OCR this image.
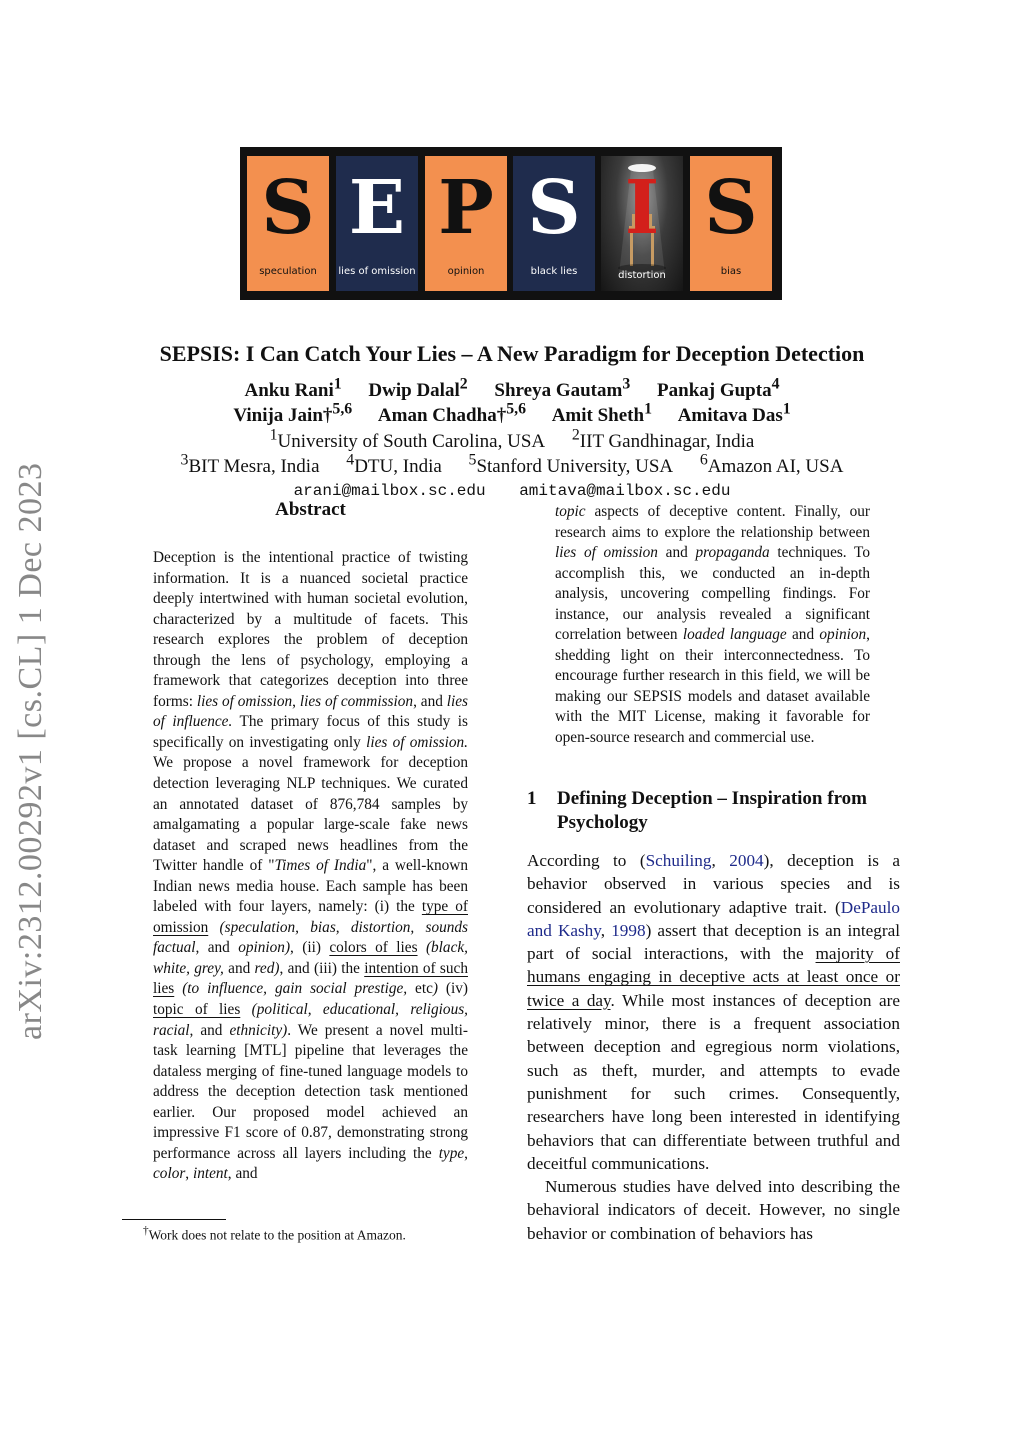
S
speculation
E
lies of omission
P
opinion
S
black lies
I
distortion
S
bias
SEPSIS: I Can Catch Your Lies – A New Paradigm for Deception Detection
Anku Rani$^1$ Dwip Dalal$^2$ Shreya Gautam$^3$ Pankaj Gupta$^4$
Vinija Jain†$^{5,6}$ Aman Chadha†$^{5,6}$ Amit Sheth$^1$ Amitava Das$^1$
$^1$University of South Carolina, USA $^2$IIT Gandhinagar, India
$^3$BIT Mesra, India $^4$DTU, India $^5$Stanford University, USA $^6$Amazon AI, USA
arani@mailbox.sc.edu amitava@mailbox.sc.edu
arXiv:2312.00292v1 [cs.CL] 1 Dec 2023	Abstract
Deception is the intentional practice of twisting information. It is a nuanced societal practice deeply intertwined with human societal evolution, characterized by a multitude of facets. This research explores the problem of deception through the lens of psychology, employing a framework that categorizes deception into three forms: lies of omission, lies of commission, and lies of influence. The primary focus of this study is specifically on investigating only lies of omission. We propose a novel framework for deception detection leveraging NLP techniques. We curated an annotated dataset of 876,784 samples by amalgamating a popular large-scale fake news dataset and scraped news headlines from the Twitter handle of "Times of India", a well-known Indian news media house. Each sample has been labeled with four layers, namely: (i) the type of omission (speculation, bias, distortion, sounds factual, and opinion), (ii) colors of lies (black, white, grey, and red), and (iii) the intention of such lies (to influence, gain social prestige, etc) (iv) topic of lies (political, educational, religious, racial, and ethnicity). We present a novel multi-task learning [MTL] pipeline that leverages the dataless merging of fine-tuned language models to address the deception detection task mentioned earlier. Our proposed model achieved an impressive F1 score of 0.87, demonstrating strong performance across all layers including the type, color, intent, and
topic aspects of deceptive content. Finally, our research aims to explore the relationship between lies of omission and propaganda techniques. To accomplish this, we conducted an in-depth analysis, uncovering compelling findings. For instance, our analysis revealed a significant correlation between loaded language and opinion, shedding light on their interconnectedness. To encourage further research in this field, we will be making our SEPSIS models and dataset available with the MIT License, making it favorable for open-source research and commercial use.
1 Defining Deception – Inspiration from Psychology

According to (Schuiling, 2004), deception is a behavior observed in various species and is considered an evolutionary adaptive trait. (DePaulo and Kashy, 1998) assert that deception is an integral part of social interactions, with the majority of humans engaging in deceptive acts at least once or twice a day. While most instances of deception are relatively minor, there is a frequent association between deception and egregious norm violations, such as theft, murder, and attempts to evade punishment for such crimes. Consequently, researchers have long been interested in identifying behaviors that can differentiate between truthful and deceitful communications.

Numerous studies have delved into describing the behavioral indicators of deceit. However, no single behavior or combination of behaviors has

†Work does not relate to the position at Amazon.
